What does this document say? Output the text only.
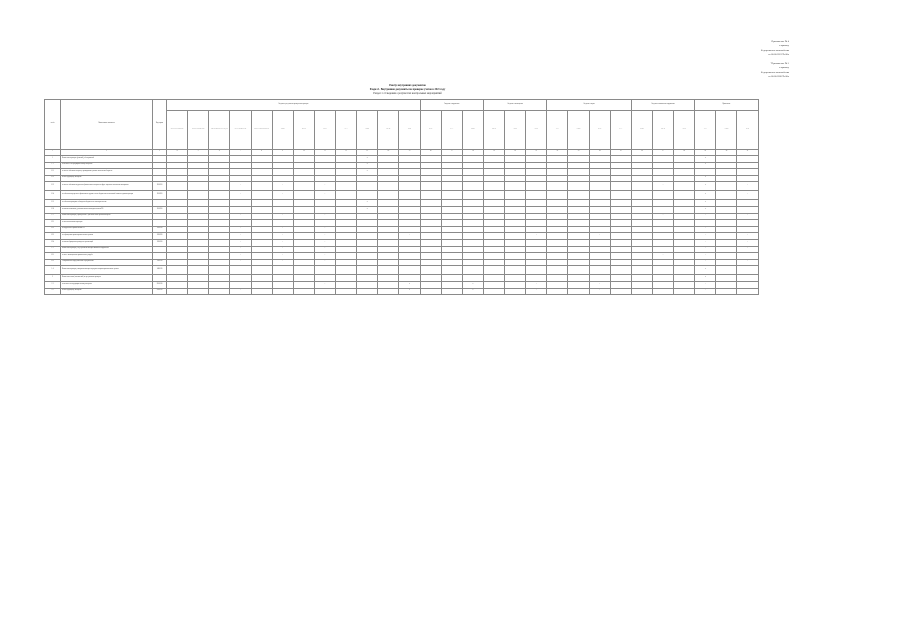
Приложение № 4
к приказу
Федерального казначейства
от 00.00.2021 № 00н
"Приложение № 5
к приказу
Федерального казначейства
от 00.00.2020 № 00н
Реестр внутренних документов
Раздел 1. Внутренние документы по проверке учетов в 2021 году
Раздел 1.1 Сведения о результатах контрольных мероприятий
№ п/п	Наименование показателя	Код строки	Сведения о результатах проведенных проверок												Сведения о нарушениях			Сведения о возмещении			Сведения о мерах				Сведения о выявленных нарушениях			Примечание		
			Количество проверок	Количество объектов	Объем проверенных средств	из них по объектам	Количество мероприятий	сумма	кол-во	всего	в т.ч.	сумма	кол-во	итого	всего	в т.ч.	сумма	кол-во	итого	всего	в т.ч.	сумма	всего	в т.ч.	сумма	кол-во	всего	в т.ч.	сумма	всего
1	2	3	4	5	6	7	8	9	10	11	12	13	14	15	16	17	18	19	20	21	22	23	24	25	26	27	28	29	30	31
1	Количество проверок (ревизий), обследований											x																x		
1.1	в том числе: по предварительному контролю											x																x		
1.1.1	из них по объектам контроля, проводимым в рамках исполнения бюджета											x																		
1.1.2	по последующему контролю																											x		
1.1.3	из них по объектам внутреннего финансового контроля в сфере закупок и исполнения контрактов	1100010				-		-		-																-		x		-
1.1.4	по объектам внутреннего финансового аудита в части бюджетных полномочий главного администратора	1100020				-		-		-																		x		-
1.1.5	по объектам проверки соблюдения бюджетного законодательства											x																x		
1.1.6	по иным основаниям, установленным законодательством РФ	1100030										x																x		
1.2	Количество проверок, проведенных с участием иных органов контроля					-		-		-																-		-		-
1.2.1	из них внеплановых проверок																													
1.2.2	по поручению Правительства РФ	1200010				-		-		-																		-		
1.2.3	по обращениям правоохранительных органов	1200020				-		-		-				-						-			-					-		-
1.2.4	по иным обращениям граждан и организаций	1200030				-		-		-																		-		-
1.3	Количество проверок, по результатам которых выявлены нарушения					-		-		-																		-		-
1.3.1	из них с возмещением причиненного ущерба					-		-		-																-		-		
1.3.2	с направлением представлений и предписаний	1300010				-		-		-																		-		-
1.4	Количество проверок, материалы которых переданы в правоохранительные органы	1400010																										x		
2	Количество актов (заключений) по результатам проверок																											x		
2.1	в том числе по предварительному контролю	2100010								-				x			x			-			-					-		
2.2	по последующему контролю	2200010				-								x			x			-			-					-		
